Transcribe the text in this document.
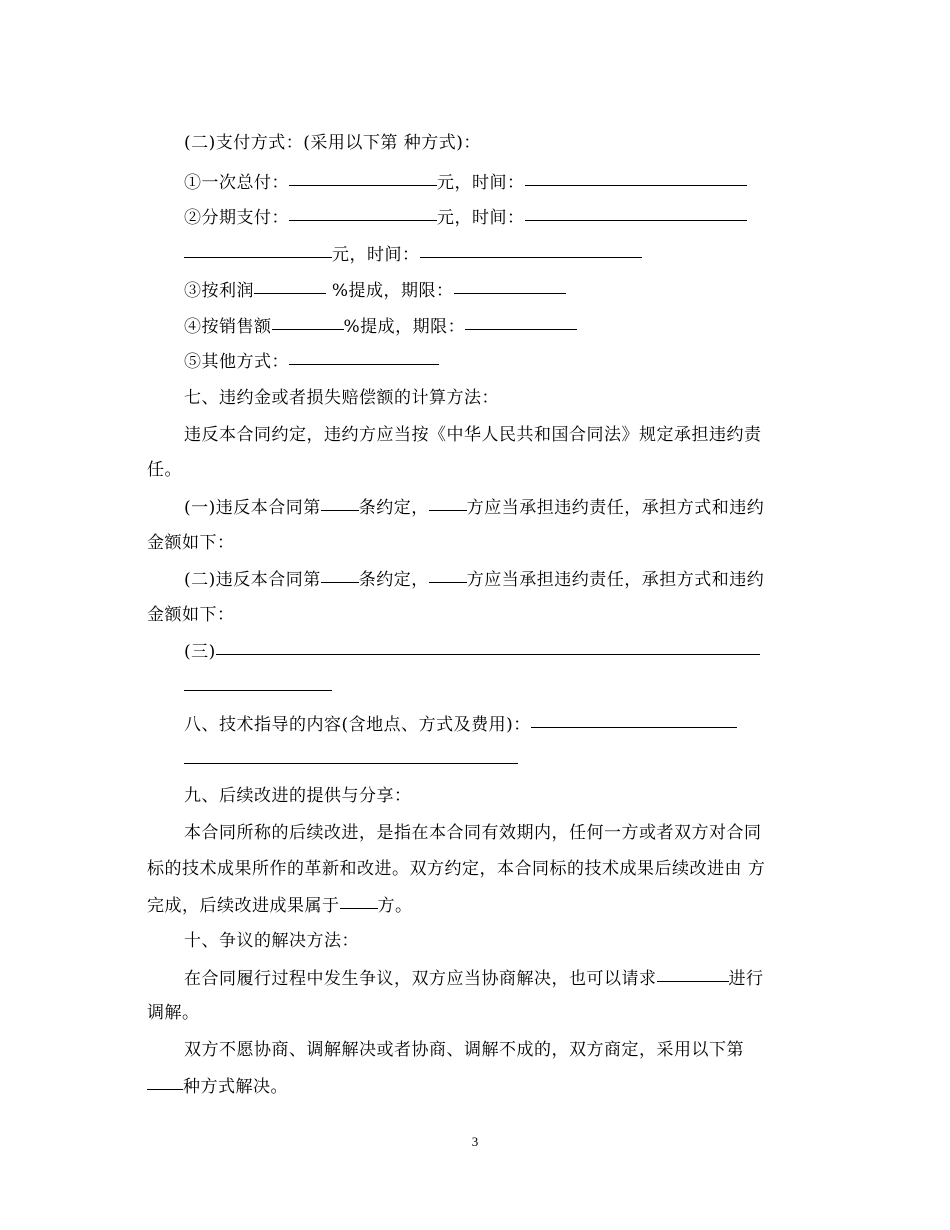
(二)支付方式：(采用以下第 种方式)：
①一次总付：	元，时间：
②分期支付：	元，时间：
元，时间：
③按利润	%提成，期限：
④按销售额	%提成，期限：
⑤其他方式：
七、违约金或者损失赔偿额的计算方法：
违反本合同约定，违约方应当按《中华人民共和国合同法》规定承担违约责
任。
(一)违反本合同第 条约定， 方应当承担违约责任，承担方式和违约
金额如下：
(二)违反本合同第 条约定， 方应当承担违约责任，承担方式和违约
金额如下：
(三)
八、技术指导的内容(含地点、方式及费用)：
九、后续改进的提供与分享：
本合同所称的后续改进，是指在本合同有效期内，任何一方或者双方对合同
标的技术成果所作的革新和改进。双方约定，本合同标的技术成果后续改进由 方
完成，后续改进成果属于 方。
十、争议的解决方法：
在合同履行过程中发生争议，双方应当协商解决，也可以请求	进行
调解。
双方不愿协商、调解解决或者协商、调解不成的，双方商定，采用以下第
种方式解决。
3
